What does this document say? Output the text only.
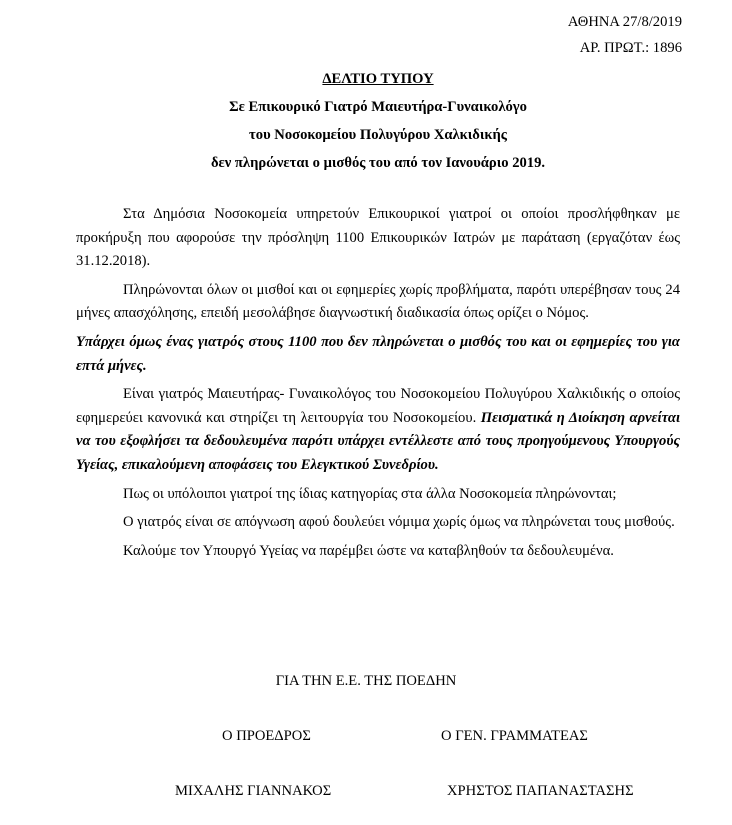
ΑΘΗΝΑ 27/8/2019
ΑΡ. ΠΡΩΤ.: 1896
ΔΕΛΤΙΟ ΤΥΠΟΥ
Σε Επικουρικό Γιατρό Μαιευτήρα-Γυναικολόγο
του Νοσοκομείου Πολυγύρου Χαλκιδικής
δεν πληρώνεται ο μισθός του από τον Ιανουάριο 2019.

Στα Δημόσια Νοσοκομεία υπηρετούν Επικουρικοί γιατροί οι οποίοι προσλήφθηκαν με προκήρυξη που αφορούσε την πρόσληψη 1100 Επικουρικών Ιατρών με παράταση (εργαζόταν έως 31.12.2018).

Πληρώνονται όλων οι μισθοί και οι εφημερίες χωρίς προβλήματα, παρότι υπερέβησαν τους 24 μήνες απασχόλησης, επειδή μεσολάβησε διαγνωστική διαδικασία όπως ορίζει ο Νόμος.

Υπάρχει όμως ένας γιατρός στους 1100 που δεν πληρώνεται ο μισθός του και οι εφημερίες του για επτά μήνες.

Είναι γιατρός Μαιευτήρας- Γυναικολόγος του Νοσοκομείου Πολυγύρου Χαλκιδικής ο οποίος εφημερεύει κανονικά και στηρίζει τη λειτουργία του Νοσοκομείου. Πεισματικά η Διοίκηση αρνείται να του εξοφλήσει τα δεδουλευμένα παρότι υπάρχει εντέλλεστε από τους προηγούμενους Υπουργούς Υγείας, επικαλούμενη αποφάσεις του Ελεγκτικού Συνεδρίου.

Πως οι υπόλοιποι γιατροί της ίδιας κατηγορίας στα άλλα Νοσοκομεία πληρώνονται;

Ο γιατρός είναι σε απόγνωση αφού δουλεύει νόμιμα χωρίς όμως να πληρώνεται τους μισθούς.

Καλούμε τον Υπουργό Υγείας να παρέμβει ώστε να καταβληθούν τα δεδουλευμένα.

ΓΙΑ ΤΗΝ Ε.Ε. ΤΗΣ ΠΟΕΔΗΝ
Ο ΠΡΟΕΔΡΟΣ	Ο ΓΕΝ. ΓΡΑΜΜΑΤΕΑΣ
ΜΙΧΑΛΗΣ ΓΙΑΝΝΑΚΟΣ	ΧΡΗΣΤΟΣ ΠΑΠΑΝΑΣΤΑΣΗΣ
